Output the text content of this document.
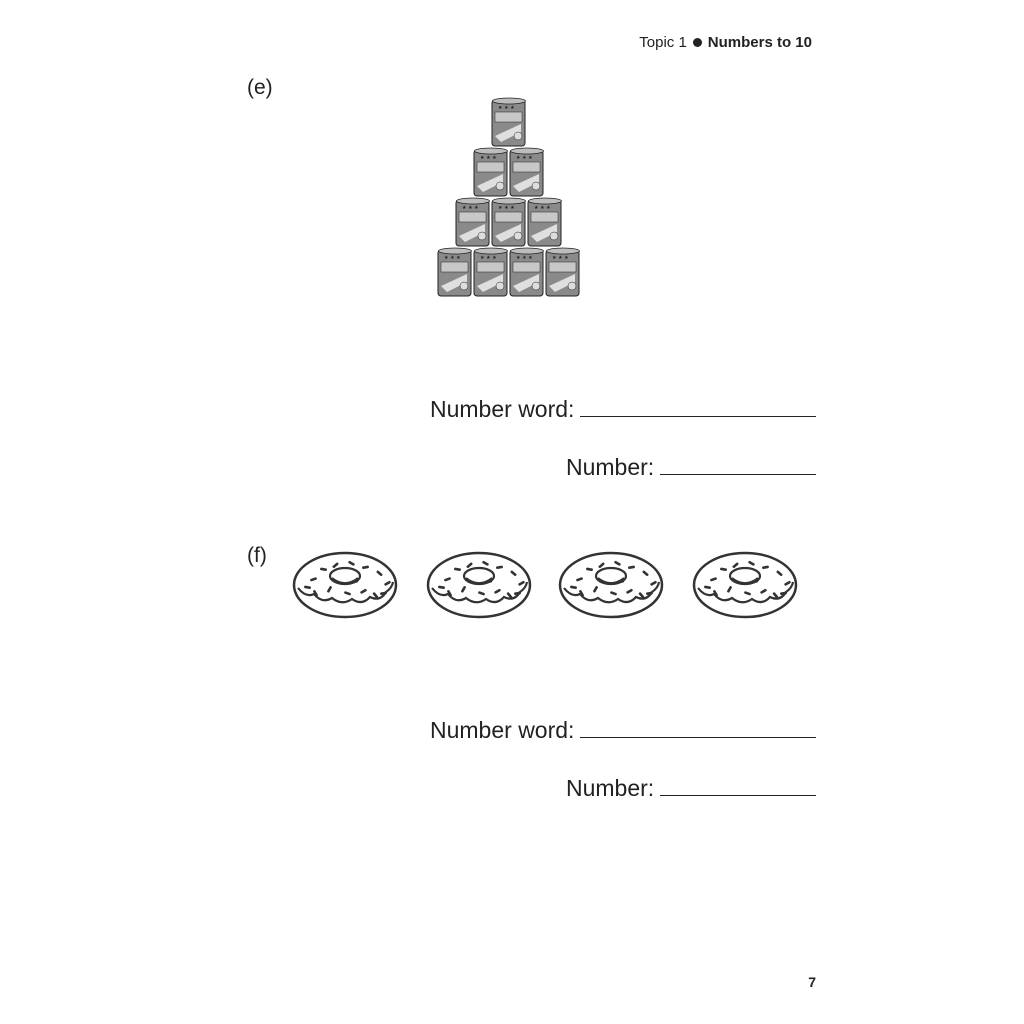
Topic 1 Numbers to 10
(e)
★ ★ ★
★ ★ ★	★ ★ ★
★ ★ ★	★ ★ ★	★ ★ ★
★ ★ ★	★ ★ ★	★ ★ ★	★ ★ ★
Number word:
Number:
(f)
Number word:
Number:
7
